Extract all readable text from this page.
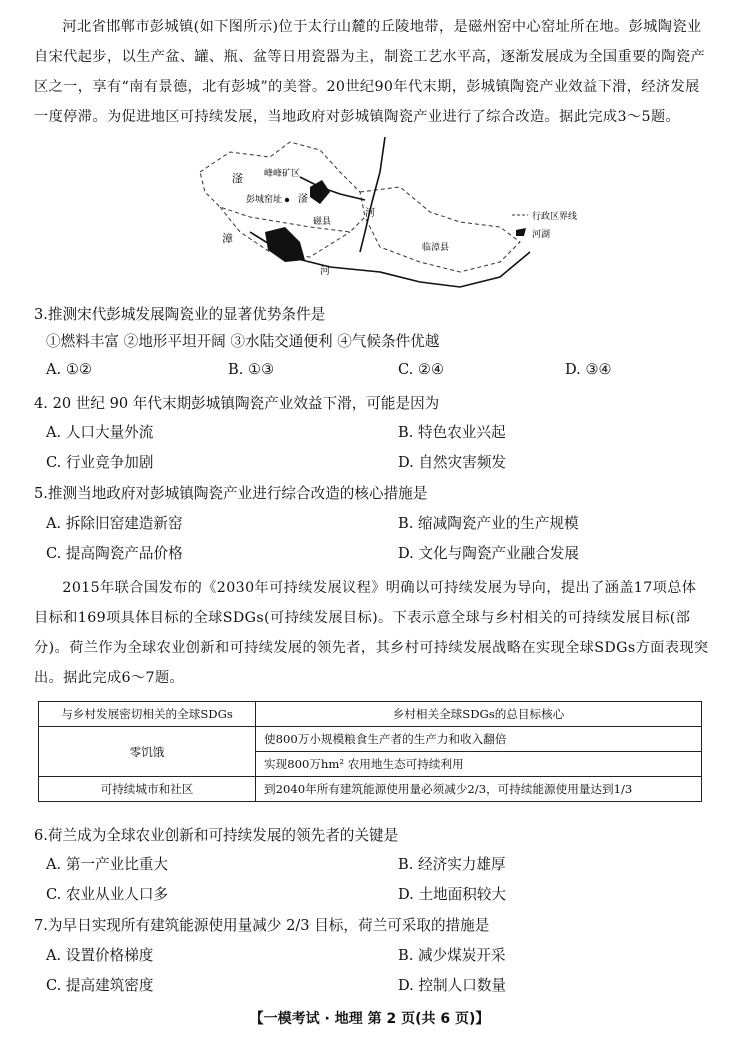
河北省邯郸市彭城镇(如下图所示)位于太行山麓的丘陵地带，是磁州窑中心窑址所在地。彭城陶瓷业自宋代起步，以生产盆、罐、瓶、盆等日用瓷器为主，制瓷工艺水平高，逐渐发展成为全国重要的陶瓷产区之一，享有“南有景德，北有彭城”的美誉。20世纪90年代末期，彭城镇陶瓷产业效益下滑，经济发展一度停滞。为促进地区可持续发展，当地政府对彭城镇陶瓷产业进行了综合改造。据此完成3～5题。
峰峰矿区
彭城窑址
滏
滏
磁县
河
临漳县
漳
河
行政区界线
河湖
3.推测宋代彭城发展陶瓷业的显著优势条件是
①燃料丰富 ②地形平坦开阔 ③水陆交通便利 ④气候条件优越
A. ①②	B. ①③	C. ②④	D. ③④
4. 20 世纪 90 年代末期彭城镇陶瓷产业效益下滑，可能是因为
A. 人口大量外流	B. 特色农业兴起
C. 行业竞争加剧	D. 自然灾害频发
5.推测当地政府对彭城镇陶瓷产业进行综合改造的核心措施是
A. 拆除旧窑建造新窑	B. 缩减陶瓷产业的生产规模
C. 提高陶瓷产品价格	D. 文化与陶瓷产业融合发展
2015年联合国发布的《2030年可持续发展议程》明确以可持续发展为导向，提出了涵盖17项总体目标和169项具体目标的全球SDGs(可持续发展目标)。下表示意全球与乡村相关的可持续发展目标(部分)。荷兰作为全球农业创新和可持续发展的领先者，其乡村可持续发展战略在实现全球SDGs方面表现突出。据此完成6～7题。
与乡村发展密切相关的全球SDGs	乡村相关全球SDGs的总目标核心
零饥饿	使800万小规模粮食生产者的生产力和收入翻倍
	实现800万hm² 农用地生态可持续利用
可持续城市和社区	到2040年所有建筑能源使用量必须减少2/3，可持续能源使用量达到1/3
6.荷兰成为全球农业创新和可持续发展的领先者的关键是
A. 第一产业比重大	B. 经济实力雄厚
C. 农业从业人口多	D. 土地面积较大
7.为早日实现所有建筑能源使用量减少 2/3 目标，荷兰可采取的措施是
A. 设置价格梯度	B. 减少煤炭开采
C. 提高建筑密度	D. 控制人口数量
【一模考试 · 地理 第 2 页(共 6 页)】
